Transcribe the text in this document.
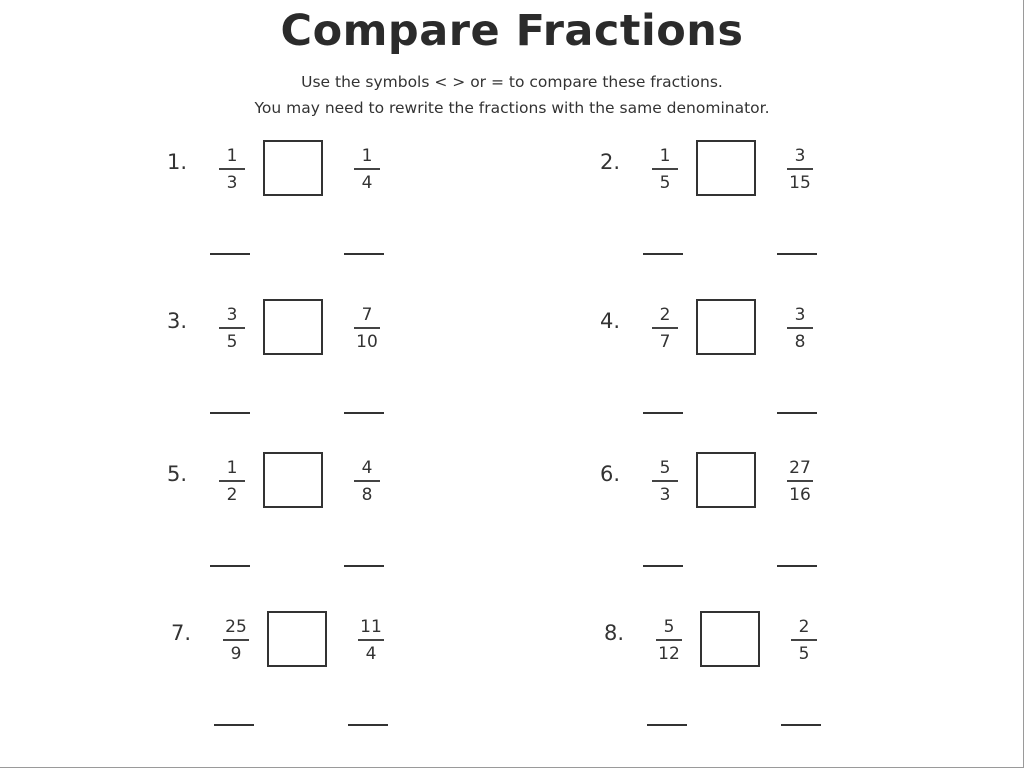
Compare Fractions
Use the symbols < > or = to compare these fractions.
You may need to rewrite the fractions with the same denominator.
1.	1
3
1
4
2.	1
5
3
15
3.	3
5
7
10
4.	2
7
3
8
5.	1
2
4
8
6.	5
3
27
16
7.	25
9
11
4
8.	5
12
2
5
